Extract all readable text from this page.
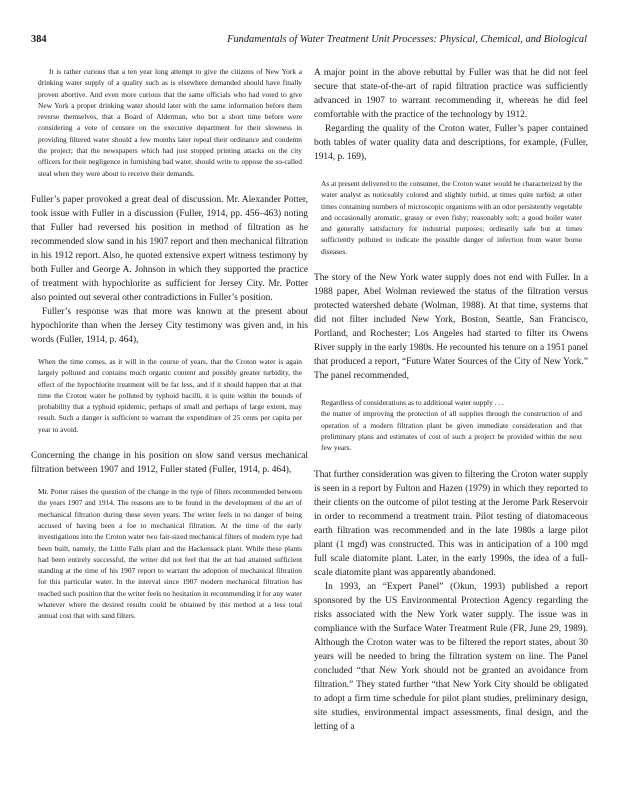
384	Fundamentals of Water Treatment Unit Processes: Physical, Chemical, and Biological

It is rather curious that a ten year long attempt to give the citizens of New York a drinking water supply of a quality such as is elsewhere demanded should have finally proven abortive. And even more curious that the same officials who had voted to give New York a proper drinking water should later with the same information before them reverse themselves, that a Board of Alderman, who but a short time before were considering a vote of censure on the executive department for their slowness in providing filtered water should a few months later repeal their ordinance and condemn the project; that the newspapers which had just stopped printing attacks on the city officers for their negligence in furnishing bad water, should write to oppose the so-called steal when they were about to receive their demands.

Fuller’s paper provoked a great deal of discussion. Mr. Alexander Potter, took issue with Fuller in a discussion (Fuller, 1914, pp. 456–463) noting that Fuller had reversed his position in method of filtration as he recommended slow sand in his 1907 report and then mechanical filtration in his 1912 report. Also, he quoted extensive expert witness testimony by both Fuller and George A. Johnson in which they supported the practice of treatment with hypochlorite as sufficient for Jersey City. Mr. Potter also pointed out several other contradictions in Fuller’s position.

Fuller’s response was that more was known at the present about hypochlorite than when the Jersey City testimony was given and, in his words (Fuller, 1914, p. 464),

When the time comes, as it will in the course of years, that the Croton water is again largely polluted and contains much organic content and possibly greater turbidity, the effect of the hypochlorite treatment will be far less, and if it should happen that at that time the Croton water be polluted by typhoid bacilli, it is quite within the bounds of probability that a typhoid epidemic, perhaps of small and perhaps of large extent, may result. Such a danger is sufficient to warrant the expenditure of 25 cents per capita per year to avoid.

Concerning the change in his position on slow sand versus mechanical filtration between 1907 and 1912, Fuller stated (Fuller, 1914, p. 464),

Mr. Potter raises the question of the change in the type of filters recommended between the years 1907 and 1914. The reasons are to be found in the development of the art of mechanical filtration during these seven years. The writer feels in no danger of being accused of having been a foe to mechanical filtration. At the time of the early investigations into the Croton water two fair-sized mechanical filters of modern type had been built, namely, the Little Falls plant and the Hackensack plant. While these plants had been entirely successful, the writer did not feel that the art had attained sufficient standing at the time of his 1907 report to warrant the adoption of mechanical filtration for this particular water. In the interval since 1907 modern mechanical filtration has reached such position that the writer feels no hesitation in recommending it for any water whatever where the desired results could be obtained by this method at a less total annual cost that with sand filters.

A major point in the above rebuttal by Fuller was that he did not feel secure that state-of-the-art of rapid filtration practice was sufficiently advanced in 1907 to warrant recommending it, whereas he did feel comfortable with the practice of the technology by 1912.

Regarding the quality of the Croton water, Fuller’s paper contained both tables of water quality data and descriptions, for example, (Fuller, 1914, p. 169),

As at present delivered to the consumer, the Croton water would be characterized by the water analyst as noticeably colored and slightly turbid, at times quite turbid; at other times containing numbers of microscopic organisms with an odor persistently vegetable and occasionally aromatic, grassy or even fishy; reasonably soft; a good boiler water and generally satisfactory for industrial purposes; ordinarily safe but at times sufficiently polluted to indicate the possible danger of infection from water borne diseases.

The story of the New York water supply does not end with Fuller. In a 1988 paper, Abel Wolman reviewed the status of the filtration versus protected watershed debate (Wolman, 1988). At that time, systems that did not filter included New York, Boston, Seattle, San Francisco, Portland, and Rochester; Los Angeles had started to filter its Owens River supply in the early 1980s. He recounted his tenure on a 1951 panel that produced a report, “Future Water Sources of the City of New York.” The panel recommended,

Regardless of considerations as to additional water supply . . .

the matter of improving the protection of all supplies through the construction of and operation of a modern filtration plant be given immediate consideration and that preliminary plans and estimates of cost of such a project be provided within the next few years.

That further consideration was given to filtering the Croton water supply is seen in a report by Fulton and Hazen (1979) in which they reported to their clients on the outcome of pilot testing at the Jerome Park Reservoir in order to recommend a treatment train. Pilot testing of diatomaceous earth filtration was recommended and in the late 1980s a large pilot plant (1 mgd) was constructed. This was in anticipation of a 100 mgd full scale diatomite plant. Later, in the early 1990s, the idea of a full-scale diatomite plant was apparently abandoned.

In 1993, an “Expert Panel” (Okun, 1993) published a report sponsored by the US Environmental Protection Agency regarding the risks associated with the New York water supply. The issue was in compliance with the Surface Water Treatment Rule (FR, June 29, 1989). Although the Croton water was to be filtered the report states, about 30 years will be needed to bring the filtration system on line. The Panel concluded “that New York should not be granted an avoidance from filtration.” They stated further “that New York City should be obligated to adopt a firm time schedule for pilot plant studies, preliminary design, site studies, environmental impact assessments, final design, and the letting of a
